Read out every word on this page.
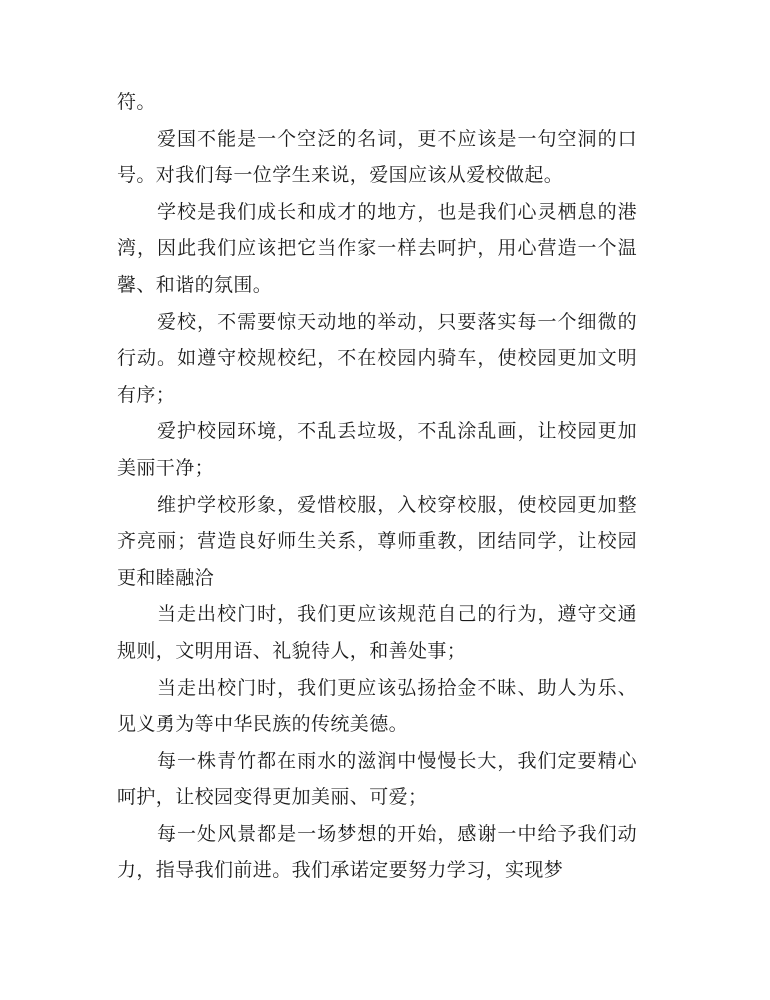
符。

爱国不能是一个空泛的名词，更不应该是一句空洞的口号。对我们每一位学生来说，爱国应该从爱校做起。

学校是我们成长和成才的地方，也是我们心灵栖息的港湾，因此我们应该把它当作家一样去呵护，用心营造一个温馨、和谐的氛围。

爱校，不需要惊天动地的举动，只要落实每一个细微的行动。如遵守校规校纪，不在校园内骑车，使校园更加文明有序；

爱护校园环境，不乱丢垃圾，不乱涂乱画，让校园更加美丽干净；

维护学校形象，爱惜校服，入校穿校服，使校园更加整齐亮丽；营造良好师生关系，尊师重教，团结同学，让校园更和睦融洽

当走出校门时，我们更应该规范自己的行为，遵守交通规则，文明用语、礼貌待人，和善处事；

当走出校门时，我们更应该弘扬拾金不昧、助人为乐、见义勇为等中华民族的传统美德。

每一株青竹都在雨水的滋润中慢慢长大，我们定要精心呵护，让校园变得更加美丽、可爱；

每一处风景都是一场梦想的开始，感谢一中给予我们动力，指导我们前进。我们承诺定要努力学习，实现梦
